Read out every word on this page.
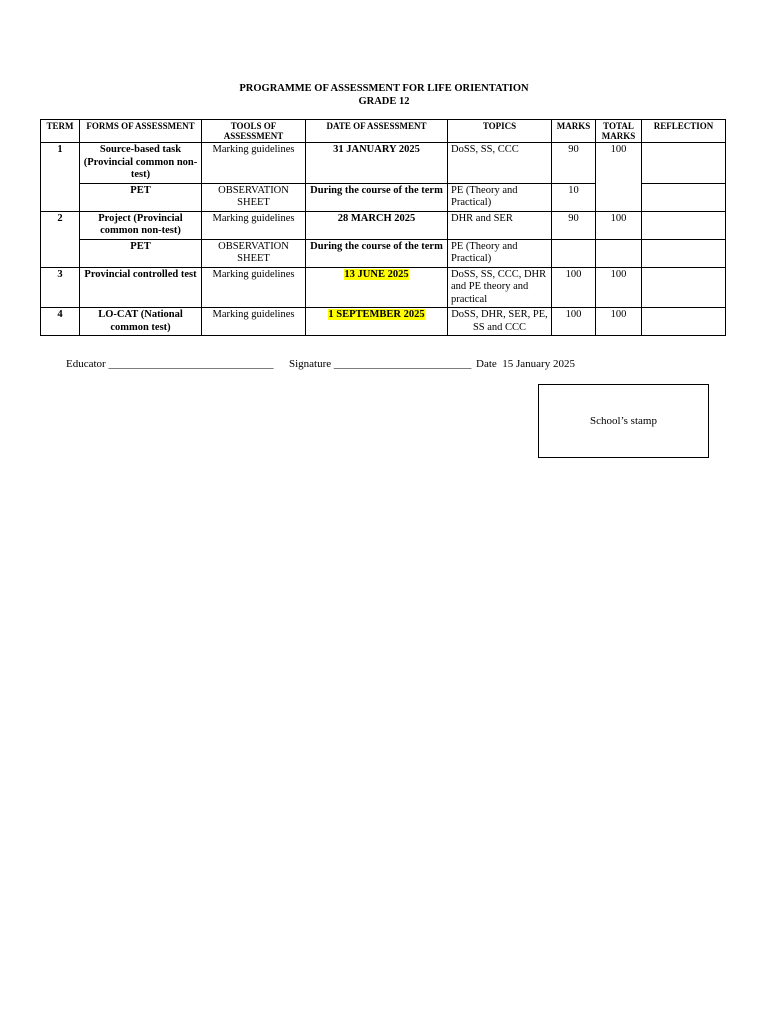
PROGRAMME OF ASSESSMENT FOR LIFE ORIENTATION
GRADE 12
TERM	FORMS OF ASSESSMENT	TOOLS OF ASSESSMENT	DATE OF ASSESSMENT	TOPICS	MARKS	TOTAL MARKS	REFLECTION
1	Source-based task (Provincial common non-test)	Marking guidelines	31 JANUARY 2025	DoSS, SS, CCC	90	100	
	PET	OBSERVATION SHEET	During the course of the term	PE (Theory and Practical)	10		
2	Project (Provincial common non-test)	Marking guidelines	28 MARCH 2025	DHR and SER	90	100	
	PET	OBSERVATION SHEET	During the course of the term	PE (Theory and Practical)			
3	Provincial controlled test	Marking guidelines	13 JUNE 2025	DoSS, SS, CCC, DHR and PE theory and practical	100	100	
4	LO-CAT (National common test)	Marking guidelines	1 SEPTEMBER 2025	DoSS, DHR, SER, PE, SS and CCC	100	100	
Educator ______________________________ Signature _________________________ Date 15 January 2025
School’s stamp
